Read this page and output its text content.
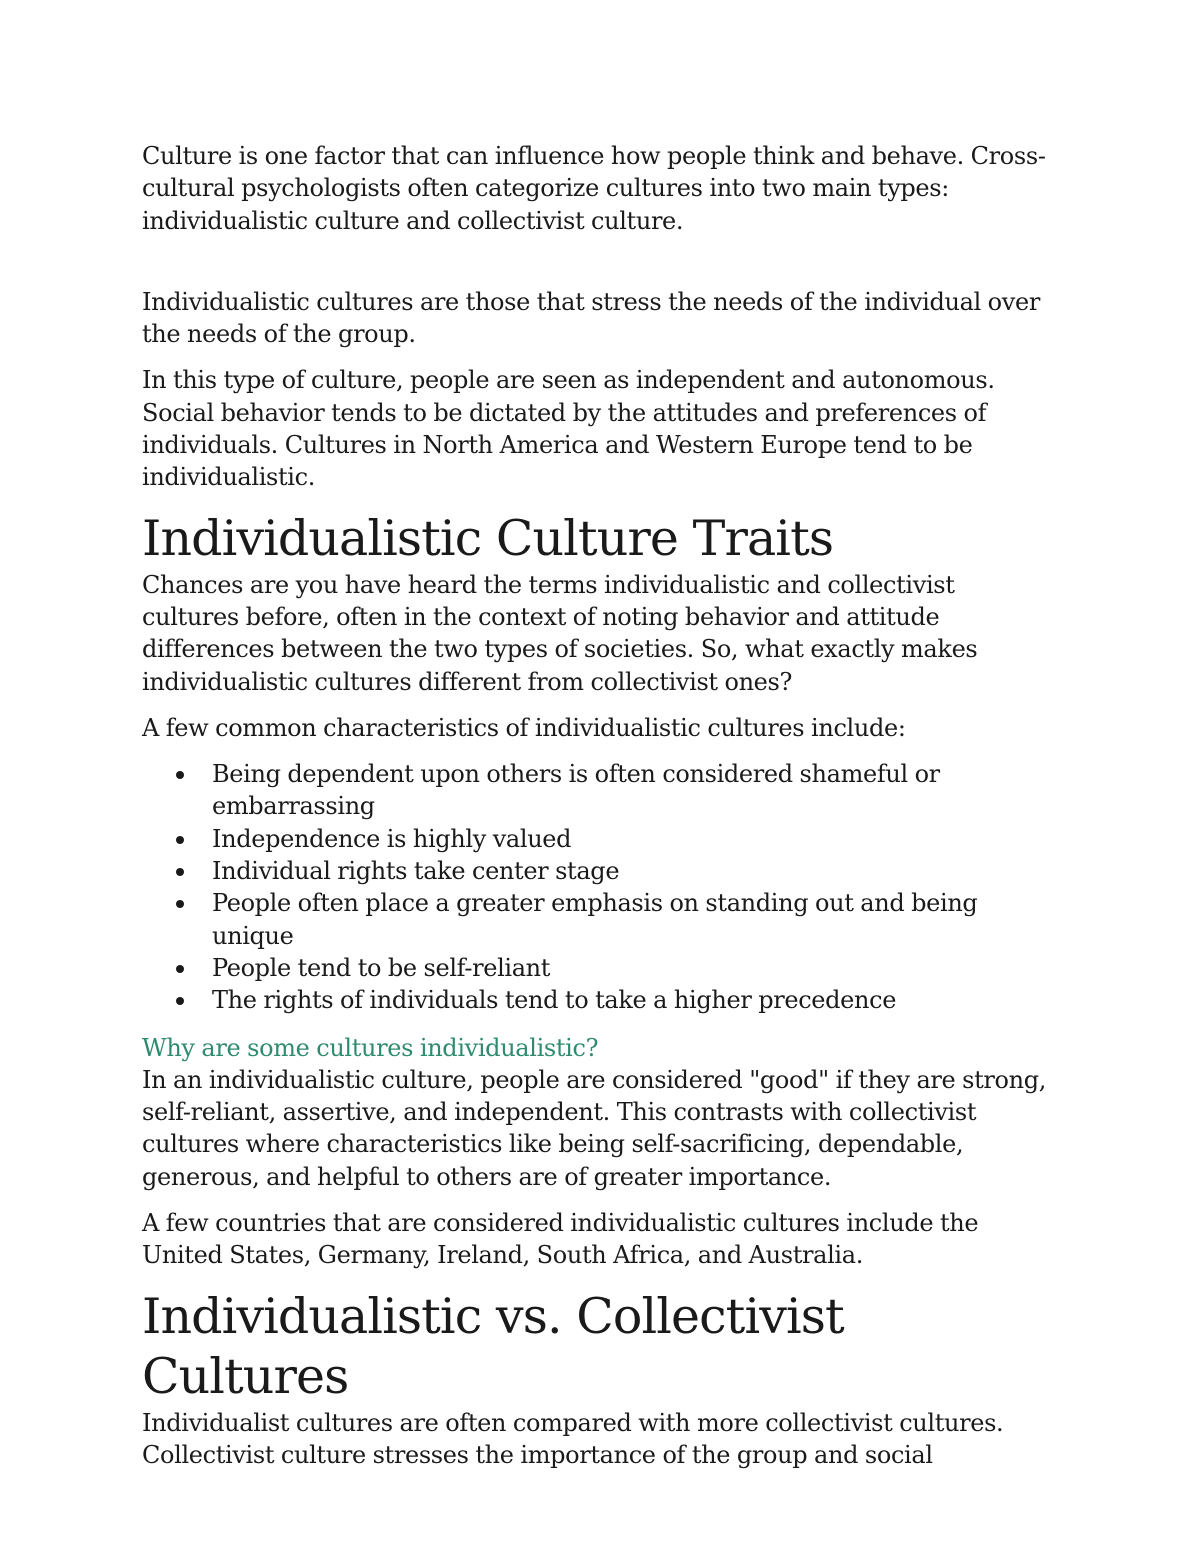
Culture is one factor that can influence how people think and behave. Cross-cultural psychologists often categorize cultures into two main types: individualistic culture and collectivist culture.

Individualistic cultures are those that stress the needs of the individual over the needs of the group.

In this type of culture, people are seen as independent and autonomous. Social behavior tends to be dictated by the attitudes and preferences of individuals. Cultures in North America and Western Europe tend to be individualistic.

Individualistic Culture Traits

Chances are you have heard the terms individualistic and collectivist cultures before, often in the context of noting behavior and attitude differences between the two types of societies. So, what exactly makes individualistic cultures different from collectivist ones?

A few common characteristics of individualistic cultures include:

Being dependent upon others is often considered shameful or embarrassing
Independence is highly valued
Individual rights take center stage
People often place a greater emphasis on standing out and being unique
People tend to be self-reliant
The rights of individuals tend to take a higher precedence
Why are some cultures individualistic?

In an individualistic culture, people are considered "good" if they are strong, self-reliant, assertive, and independent. This contrasts with collectivist cultures where characteristics like being self-sacrificing, dependable, generous, and helpful to others are of greater importance.

A few countries that are considered individualistic cultures include the United States, Germany, Ireland, South Africa, and Australia.

Individualistic vs. Collectivist Cultures

Individualist cultures are often compared with more collectivist cultures. Collectivist culture stresses the importance of the group and social
